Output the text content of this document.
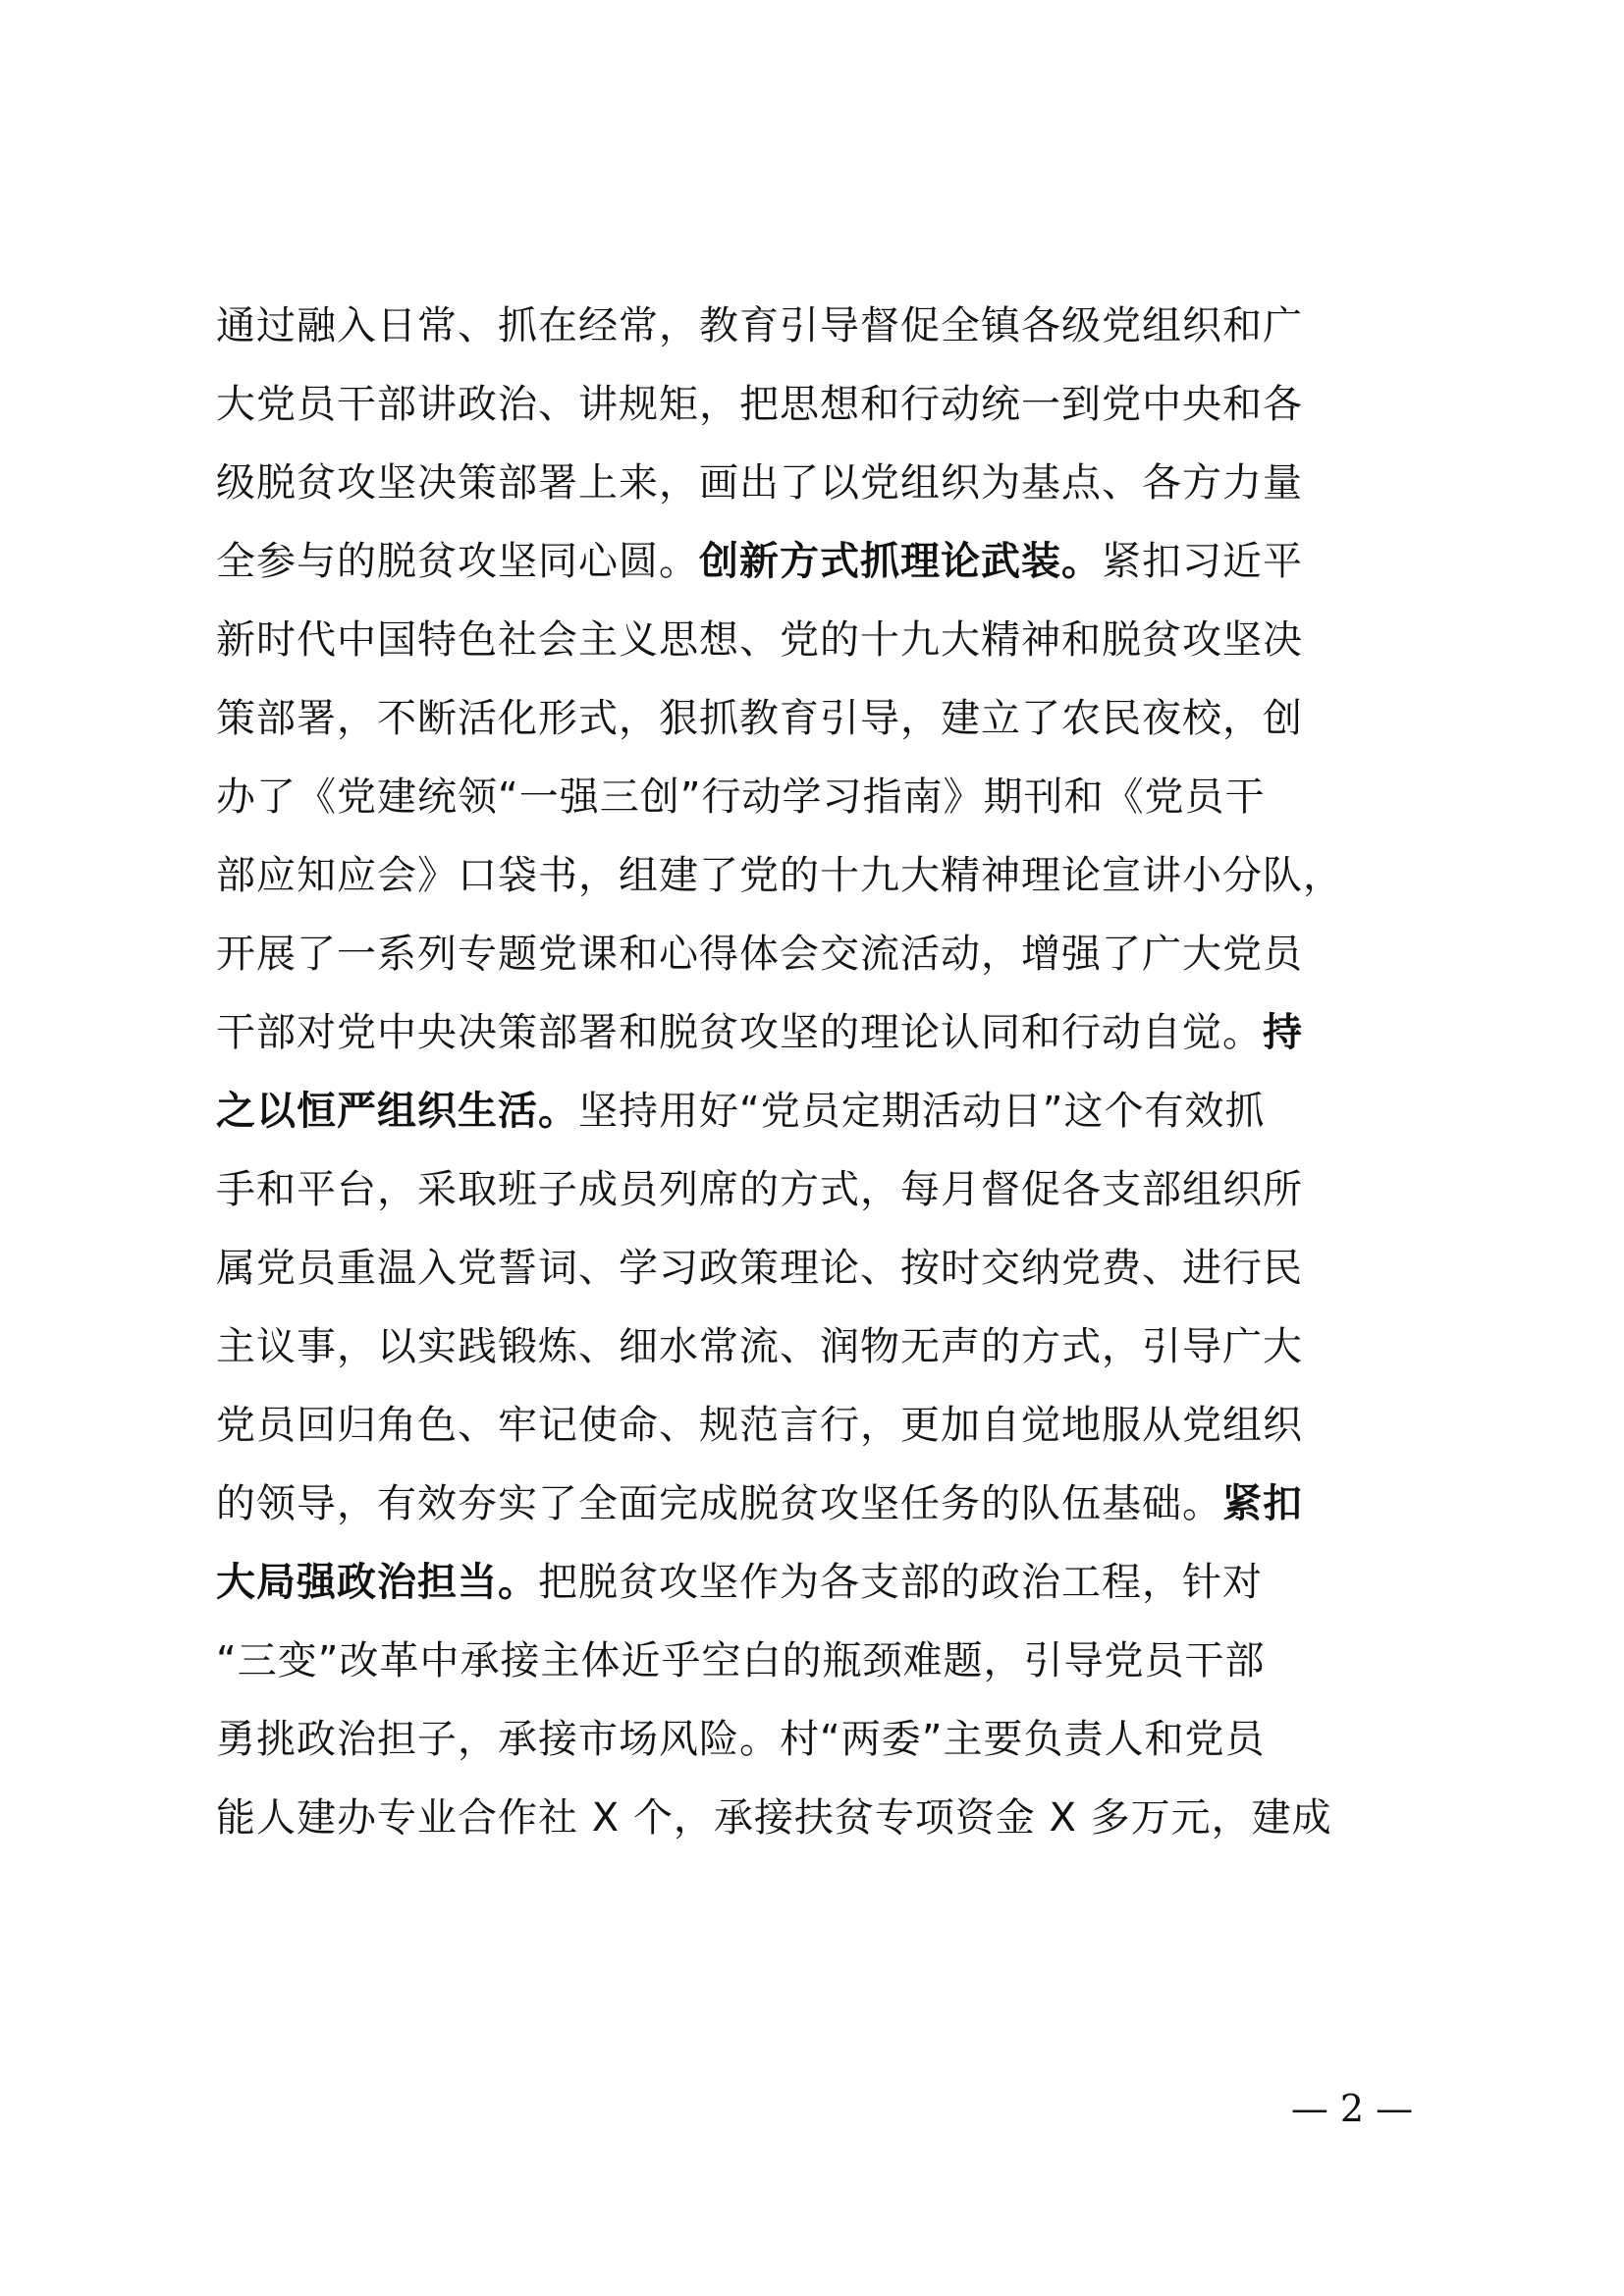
通过融入日常、抓在经常，教育引导督促全镇各级党组织和广
大党员干部讲政治、讲规矩，把思想和行动统一到党中央和各
级脱贫攻坚决策部署上来，画出了以党组织为基点、各方力量
全参与的脱贫攻坚同心圆。创新方式抓理论武装。紧扣习近平
新时代中国特色社会主义思想、党的十九大精神和脱贫攻坚决
策部署，不断活化形式，狠抓教育引导，建立了农民夜校，创
办了《党建统领“一强三创”行动学习指南》期刊和《党员干
部应知应会》口袋书，组建了党的十九大精神理论宣讲小分队，
开展了一系列专题党课和心得体会交流活动，增强了广大党员
干部对党中央决策部署和脱贫攻坚的理论认同和行动自觉。持
之以恒严组织生活。坚持用好“党员定期活动日”这个有效抓
手和平台，采取班子成员列席的方式，每月督促各支部组织所
属党员重温入党誓词、学习政策理论、按时交纳党费、进行民
主议事，以实践锻炼、细水常流、润物无声的方式，引导广大
党员回归角色、牢记使命、规范言行，更加自觉地服从党组织
的领导，有效夯实了全面完成脱贫攻坚任务的队伍基础。紧扣
大局强政治担当。把脱贫攻坚作为各支部的政治工程，针对
“三变”改革中承接主体近乎空白的瓶颈难题，引导党员干部
勇挑政治担子，承接市场风险。村“两委”主要负责人和党员
能人建办专业合作社 X 个，承接扶贫专项资金 X 多万元，建成
— 2 —
